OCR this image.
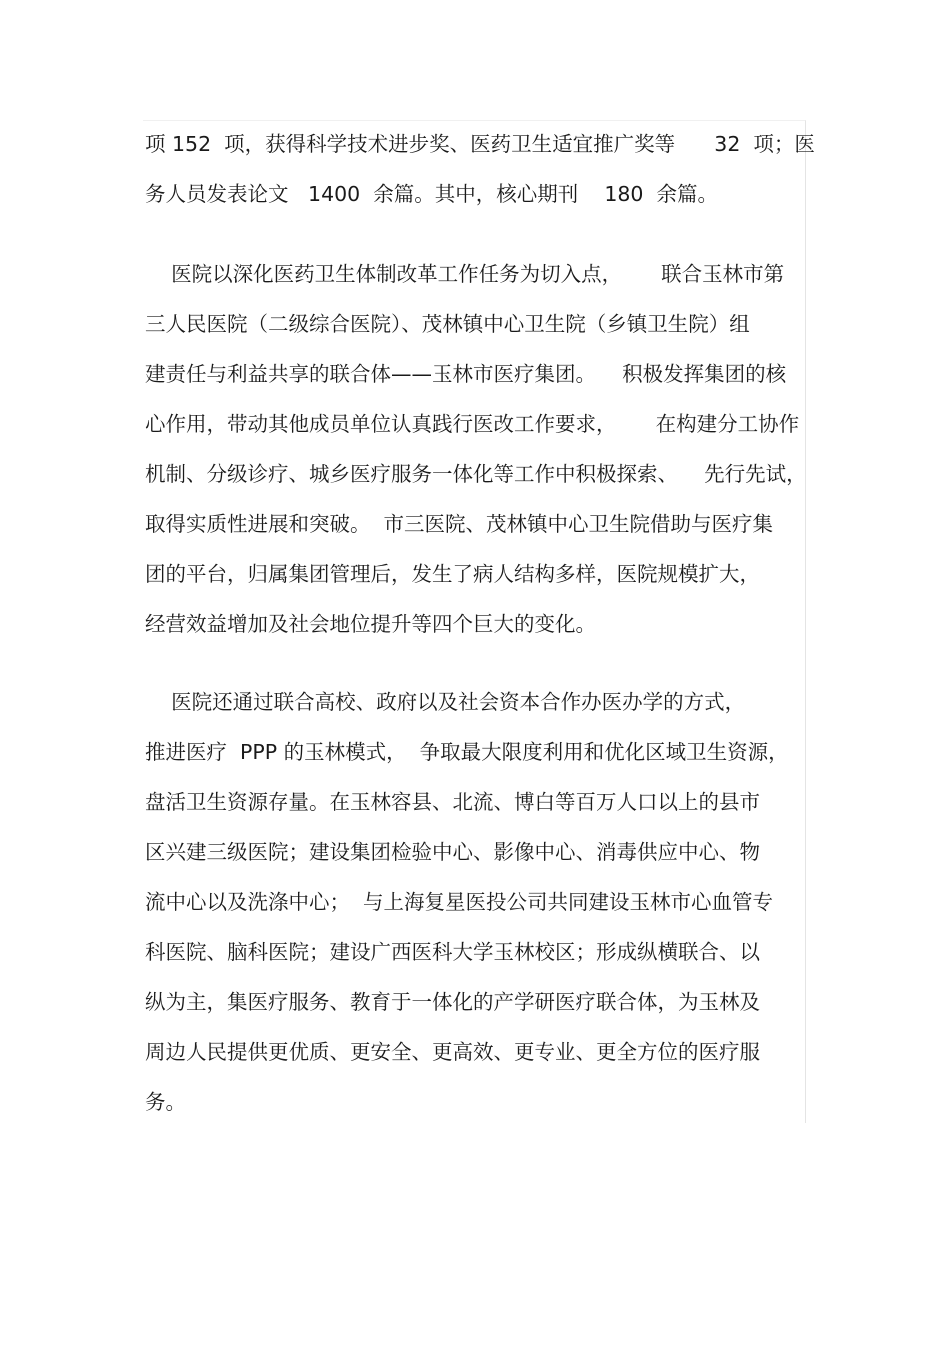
项 152  项，获得科学技术进步奖、医药卫生适宜推广奖等      32  项；医
务人员发表论文   1400  余篇。其中，核心期刊    180  余篇。
医院以深化医药卫生体制改革工作任务为切入点，      联合玉林市第
三人民医院（二级综合医院）、茂林镇中心卫生院（乡镇卫生院）组
建责任与利益共享的联合体——玉林市医疗集团。    积极发挥集团的核
心作用，带动其他成员单位认真践行医改工作要求，      在构建分工协作
机制、分级诊疗、城乡医疗服务一体化等工作中积极探索、    先行先试，
取得实质性进展和突破。  市三医院、茂林镇中心卫生院借助与医疗集
团的平台，归属集团管理后，发生了病人结构多样，医院规模扩大，
经营效益增加及社会地位提升等四个巨大的变化。
医院还通过联合高校、政府以及社会资本合作办医办学的方式，
推进医疗  PPP 的玉林模式，  争取最大限度利用和优化区域卫生资源，
盘活卫生资源存量。在玉林容县、北流、博白等百万人口以上的县市
区兴建三级医院；建设集团检验中心、影像中心、消毒供应中心、物
流中心以及洗涤中心；  与上海复星医投公司共同建设玉林市心血管专
科医院、脑科医院；建设广西医科大学玉林校区；形成纵横联合、以
纵为主，集医疗服务、教育于一体化的产学研医疗联合体，为玉林及
周边人民提供更优质、更安全、更高效、更专业、更全方位的医疗服
务。
